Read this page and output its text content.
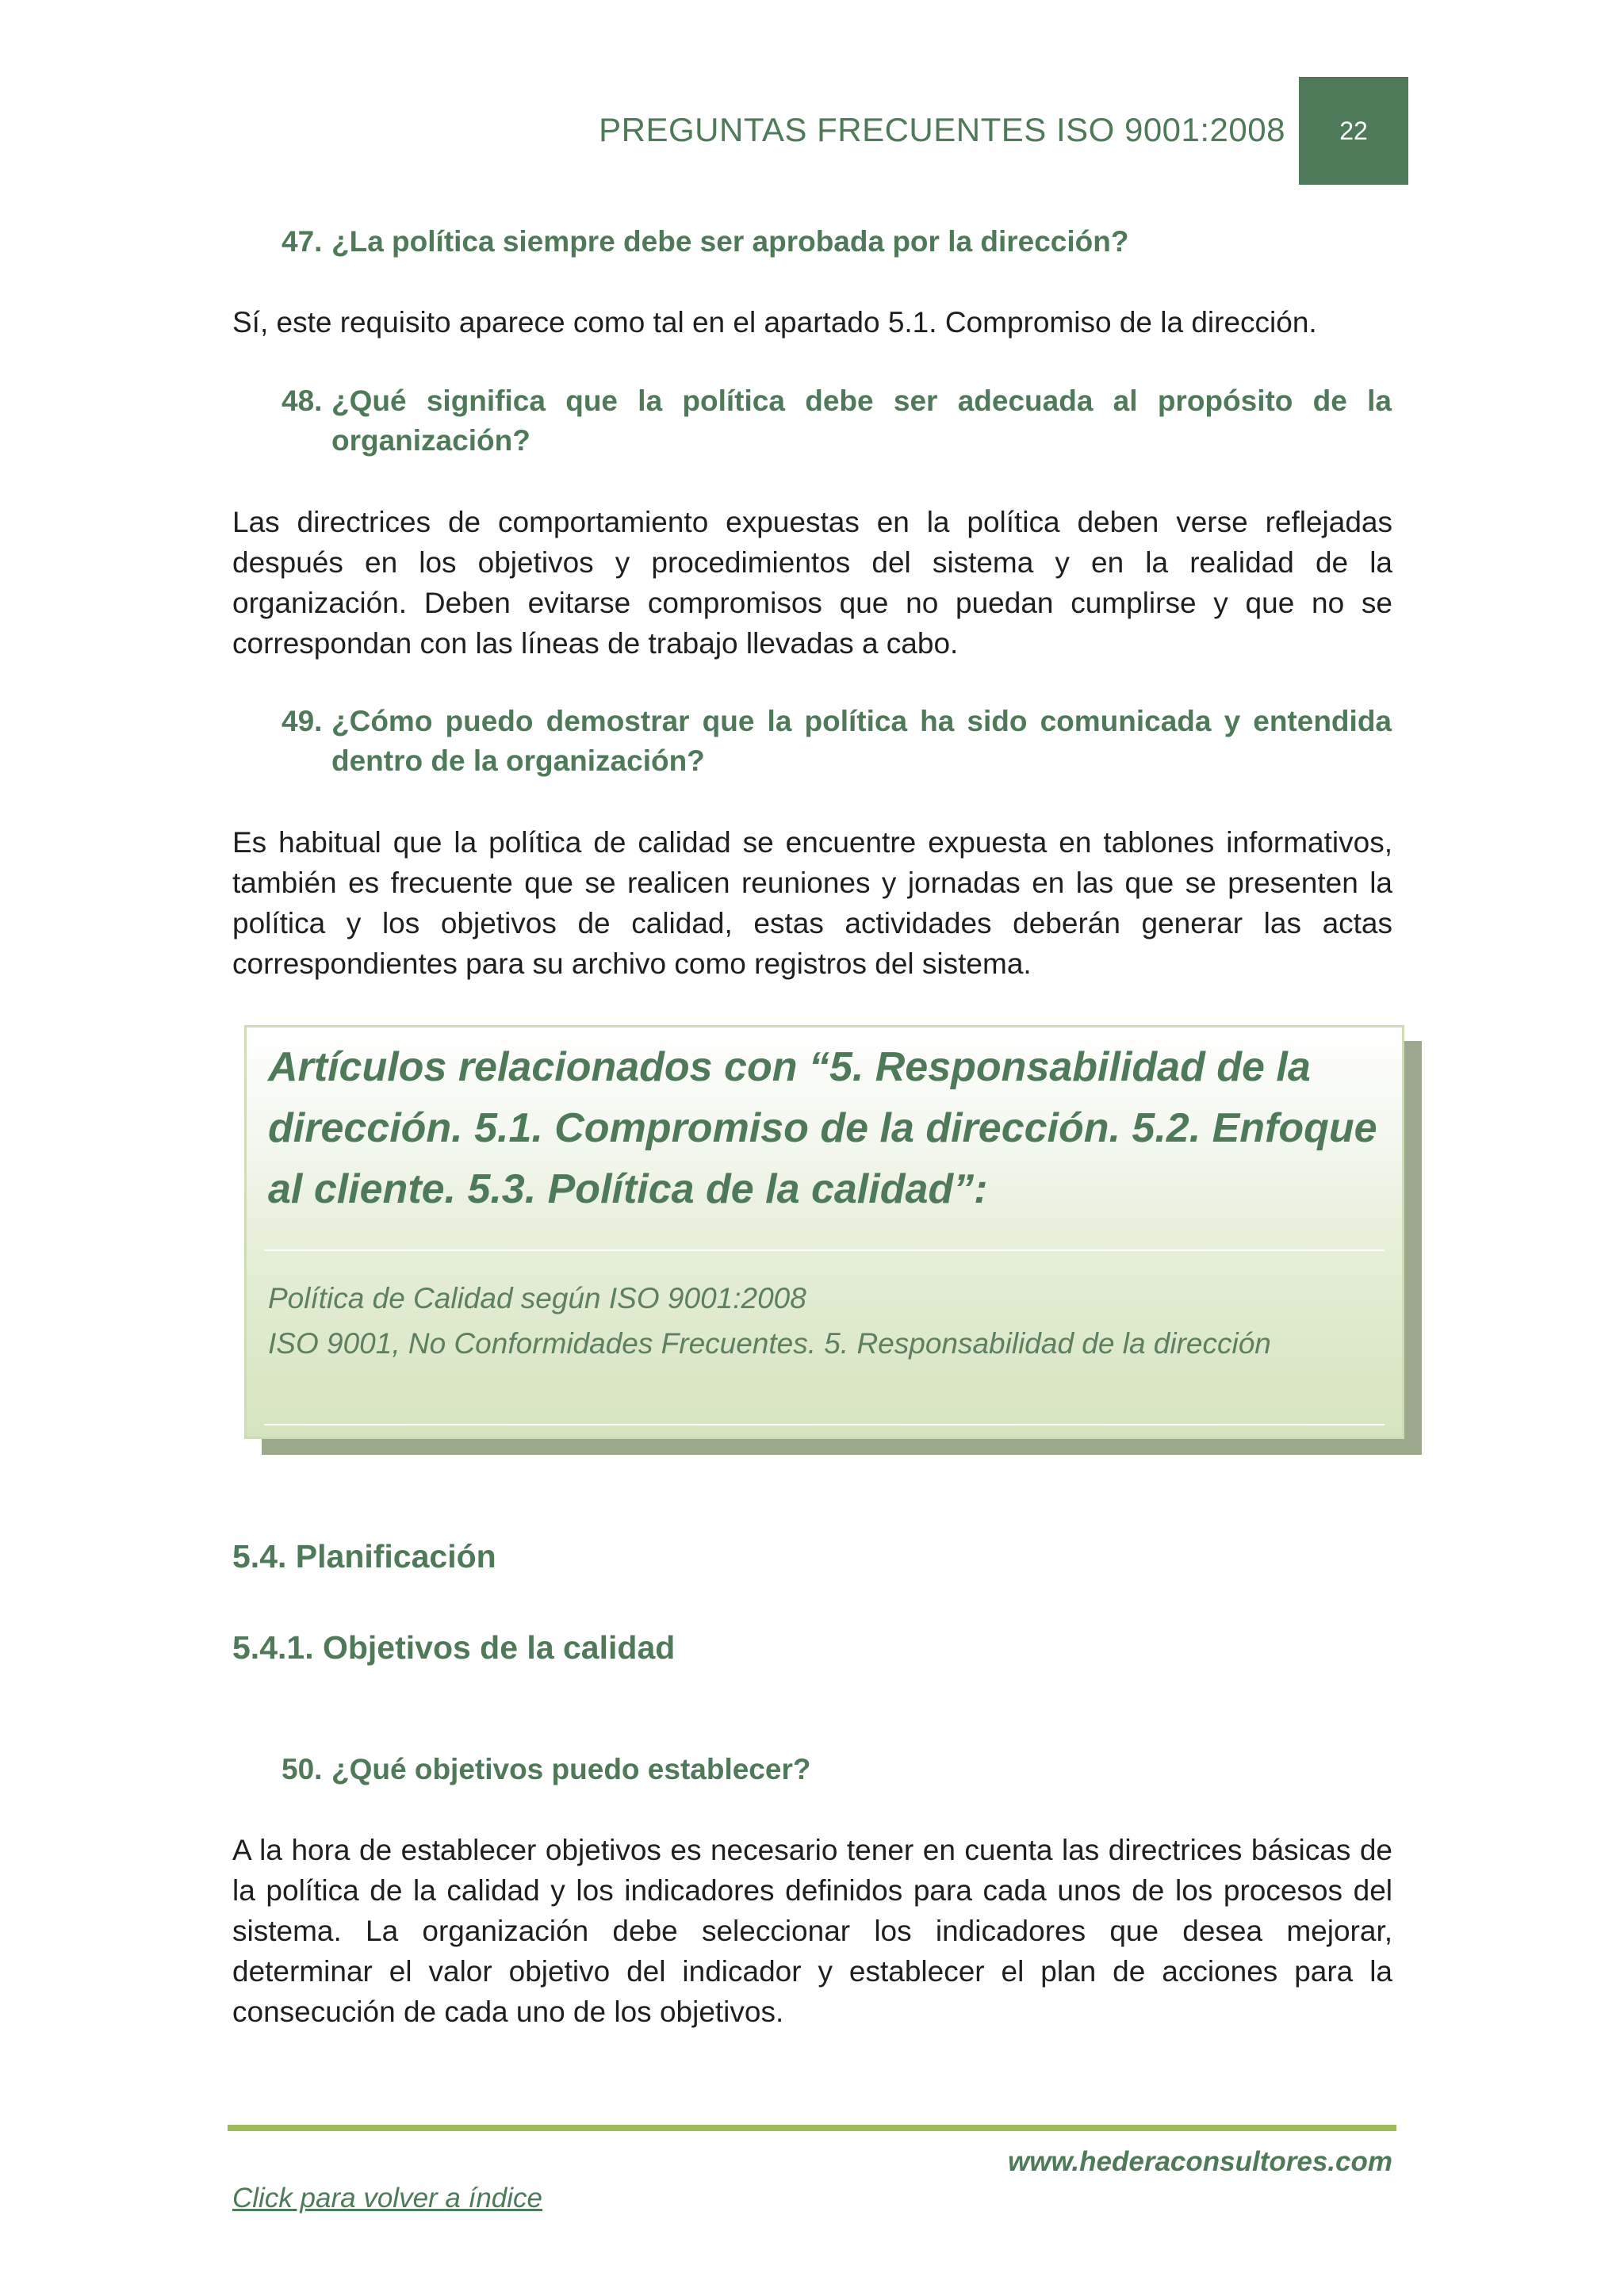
PREGUNTAS FRECUENTES ISO 9001:2008	22
47. ¿La política siempre debe ser aprobada por la dirección?
Sí, este requisito aparece como tal en el apartado 5.1. Compromiso de la dirección.
48. ¿Qué significa que la política debe ser adecuada al propósito de la organización?
Las directrices de comportamiento expuestas en la política deben verse reflejadas después en los objetivos y procedimientos del sistema y en la realidad de la organización. Deben evitarse compromisos que no puedan cumplirse y que no se correspondan con las líneas de trabajo llevadas a cabo.
49. ¿Cómo puedo demostrar que la política ha sido comunicada y entendida dentro de la organización?
Es habitual que la política de calidad se encuentre expuesta en tablones informativos, también es frecuente que se realicen reuniones y jornadas en las que se presenten la política y los objetivos de calidad, estas actividades deberán generar las actas correspondientes para su archivo como registros del sistema.
Artículos relacionados con “5. Responsabilidad de la dirección. 5.1. Compromiso de la dirección. 5.2. Enfoque al cliente. 5.3. Política de la calidad”:
Política de Calidad según ISO 9001:2008
ISO 9001, No Conformidades Frecuentes. 5. Responsabilidad de la dirección
5.4. Planificación
5.4.1. Objetivos de la calidad
50. ¿Qué objetivos puedo establecer?
A la hora de establecer objetivos es necesario tener en cuenta las directrices básicas de la política de la calidad y los indicadores definidos para cada unos de los procesos del sistema. La organización debe seleccionar los indicadores que desea mejorar, determinar el valor objetivo del indicador y establecer el plan de acciones para la consecución de cada uno de los objetivos.
www.hederaconsultores.com
Click para volver a índice
